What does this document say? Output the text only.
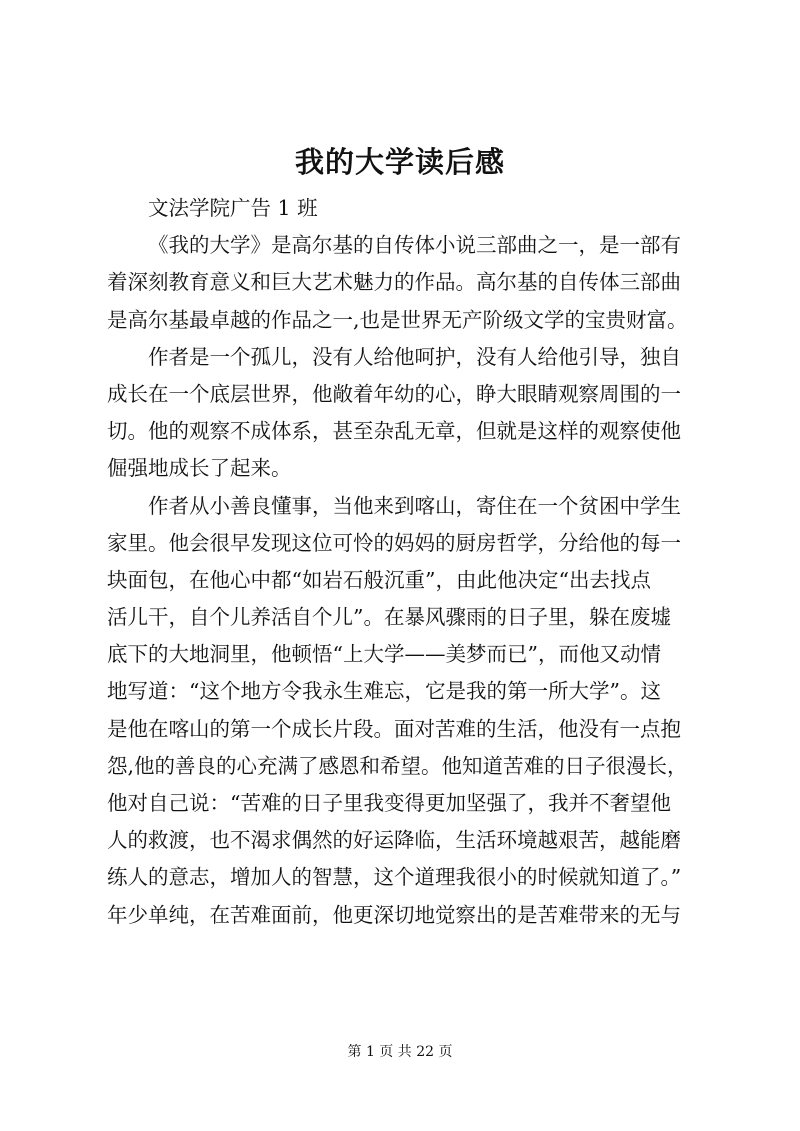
我的大学读后感
文法学院广告 1 班
《我的大学》是高尔基的自传体小说三部曲之一，是一部有
着深刻教育意义和巨大艺术魅力的作品。高尔基的自传体三部曲
是高尔基最卓越的作品之一,也是世界无产阶级文学的宝贵财富。
作者是一个孤儿，没有人给他呵护，没有人给他引导，独自
成长在一个底层世界，他敞着年幼的心，睁大眼睛观察周围的一
切。他的观察不成体系，甚至杂乱无章，但就是这样的观察使他
倔强地成长了起来。
作者从小善良懂事，当他来到喀山，寄住在一个贫困中学生
家里。他会很早发现这位可怜的妈妈的厨房哲学，分给他的每一
块面包，在他心中都“如岩石般沉重”，由此他决定“出去找点
活儿干，自个儿养活自个儿”。在暴风骤雨的日子里，躲在废墟
底下的大地洞里，他顿悟“上大学——美梦而已”，而他又动情
地写道：“这个地方令我永生难忘，它是我的第一所大学”。这
是他在喀山的第一个成长片段。面对苦难的生活，他没有一点抱
怨,他的善良的心充满了感恩和希望。他知道苦难的日子很漫长，
他对自己说：“苦难的日子里我变得更加坚强了，我并不奢望他
人的救渡，也不渴求偶然的好运降临，生活环境越艰苦，越能磨
练人的意志，增加人的智慧，这个道理我很小的时候就知道了。”
年少单纯，在苦难面前，他更深切地觉察出的是苦难带来的无与
第 1 页 共 22 页
